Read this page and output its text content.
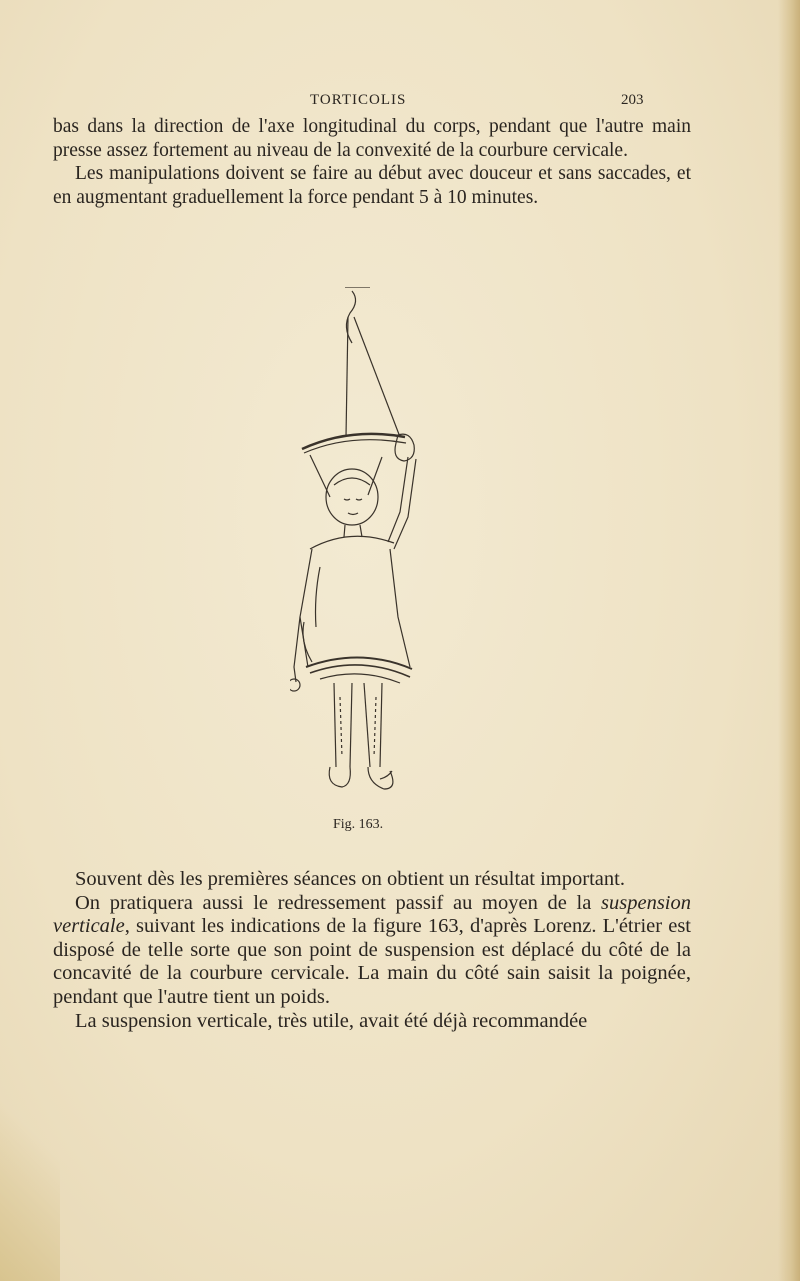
TORTICOLIS	203

bas dans la direction de l'axe longitudinal du corps, pendant que l'autre main presse assez fortement au niveau de la convexité de la courbure cervicale.

Les manipulations doivent se faire au début avec douceur et sans saccades, et en augmentant graduellement la force pendant 5 à 10 minutes.

Fig. 163.

Souvent dès les premières séances on obtient un résultat important.

On pratiquera aussi le redressement passif au moyen de la suspension verticale, suivant les indications de la figure 163, d'après Lorenz. L'étrier est disposé de telle sorte que son point de suspension est déplacé du côté de la concavité de la courbure cervicale. La main du côté sain saisit la poignée, pendant que l'autre tient un poids.

La suspension verticale, très utile, avait été déjà recommandée
